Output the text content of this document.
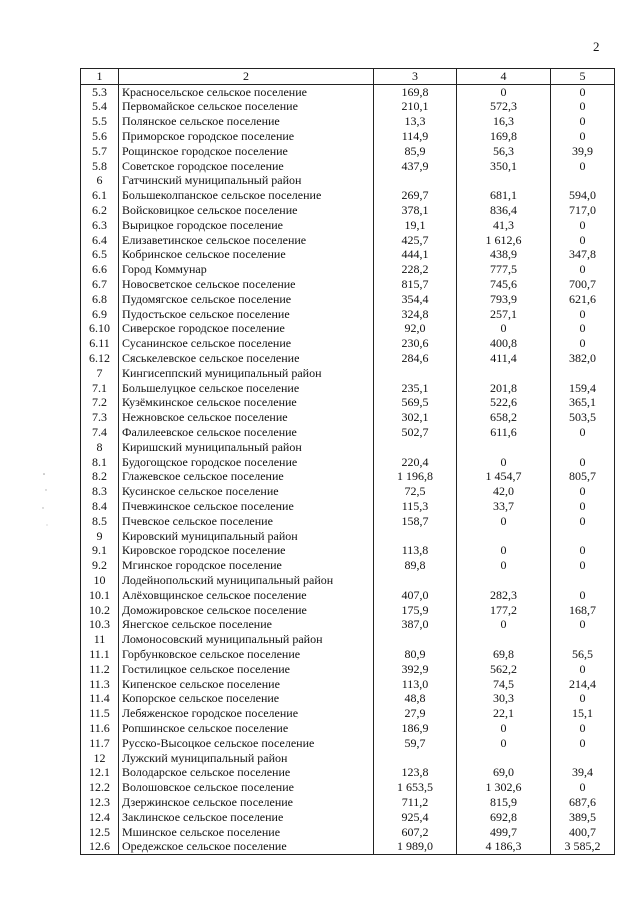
2
1	2	3	4	5
5.3	Красносельское сельское поселение	169,8	0	0
5.4	Первомайское сельское поселение	210,1	572,3	0
5.5	Полянское сельское поселение	13,3	16,3	0
5.6	Приморское городское поселение	114,9	169,8	0
5.7	Рощинское городское поселение	85,9	56,3	39,9
5.8	Советское городское поселение	437,9	350,1	0
6	Гатчинский муниципальный район			
6.1	Большеколпанское сельское поселение	269,7	681,1	594,0
6.2	Войсковицкое сельское поселение	378,1	836,4	717,0
6.3	Вырицкое городское поселение	19,1	41,3	0
6.4	Елизаветинское сельское поселение	425,7	1 612,6	0
6.5	Кобринское сельское поселение	444,1	438,9	347,8
6.6	Город Коммунар	228,2	777,5	0
6.7	Новосветское сельское поселение	815,7	745,6	700,7
6.8	Пудомягское сельское поселение	354,4	793,9	621,6
6.9	Пудостьское сельское поселение	324,8	257,1	0
6.10	Сиверское городское поселение	92,0	0	0
6.11	Сусанинское сельское поселение	230,6	400,8	0
6.12	Сяськелевское сельское поселение	284,6	411,4	382,0
7	Кингисеппский муниципальный район			
7.1	Большелуцкое сельское поселение	235,1	201,8	159,4
7.2	Кузёмкинское сельское поселение	569,5	522,6	365,1
7.3	Нежновское сельское поселение	302,1	658,2	503,5
7.4	Фалилеевское сельское поселение	502,7	611,6	0
8	Киришский муниципальный район			
8.1	Будогощское городское поселение	220,4	0	0
8.2	Глажевское сельское поселение	1 196,8	1 454,7	805,7
8.3	Кусинское сельское поселение	72,5	42,0	0
8.4	Пчевжинское сельское поселение	115,3	33,7	0
8.5	Пчевское сельское поселение	158,7	0	0
9	Кировский муниципальный район			
9.1	Кировское городское поселение	113,8	0	0
9.2	Мгинское городское поселение	89,8	0	0
10	Лодейнопольский муниципальный район			
10.1	Алёховщинское сельское поселение	407,0	282,3	0
10.2	Доможировское сельское поселение	175,9	177,2	168,7
10.3	Янегское сельское поселение	387,0	0	0
11	Ломоносовский муниципальный район			
11.1	Горбунковское сельское поселение	80,9	69,8	56,5
11.2	Гостилицкое сельское поселение	392,9	562,2	0
11.3	Кипенское сельское поселение	113,0	74,5	214,4
11.4	Копорское сельское поселение	48,8	30,3	0
11.5	Лебяженское городское поселение	27,9	22,1	15,1
11.6	Ропшинское сельское поселение	186,9	0	0
11.7	Русско-Высоцкое сельское поселение	59,7	0	0
12	Лужский муниципальный район			
12.1	Володарское сельское поселение	123,8	69,0	39,4
12.2	Волошовское сельское поселение	1 653,5	1 302,6	0
12.3	Дзержинское сельское поселение	711,2	815,9	687,6
12.4	Заклинское сельское поселение	925,4	692,8	389,5
12.5	Мшинское сельское поселение	607,2	499,7	400,7
12.6	Оредежское сельское поселение	1 989,0	4 186,3	3 585,2
